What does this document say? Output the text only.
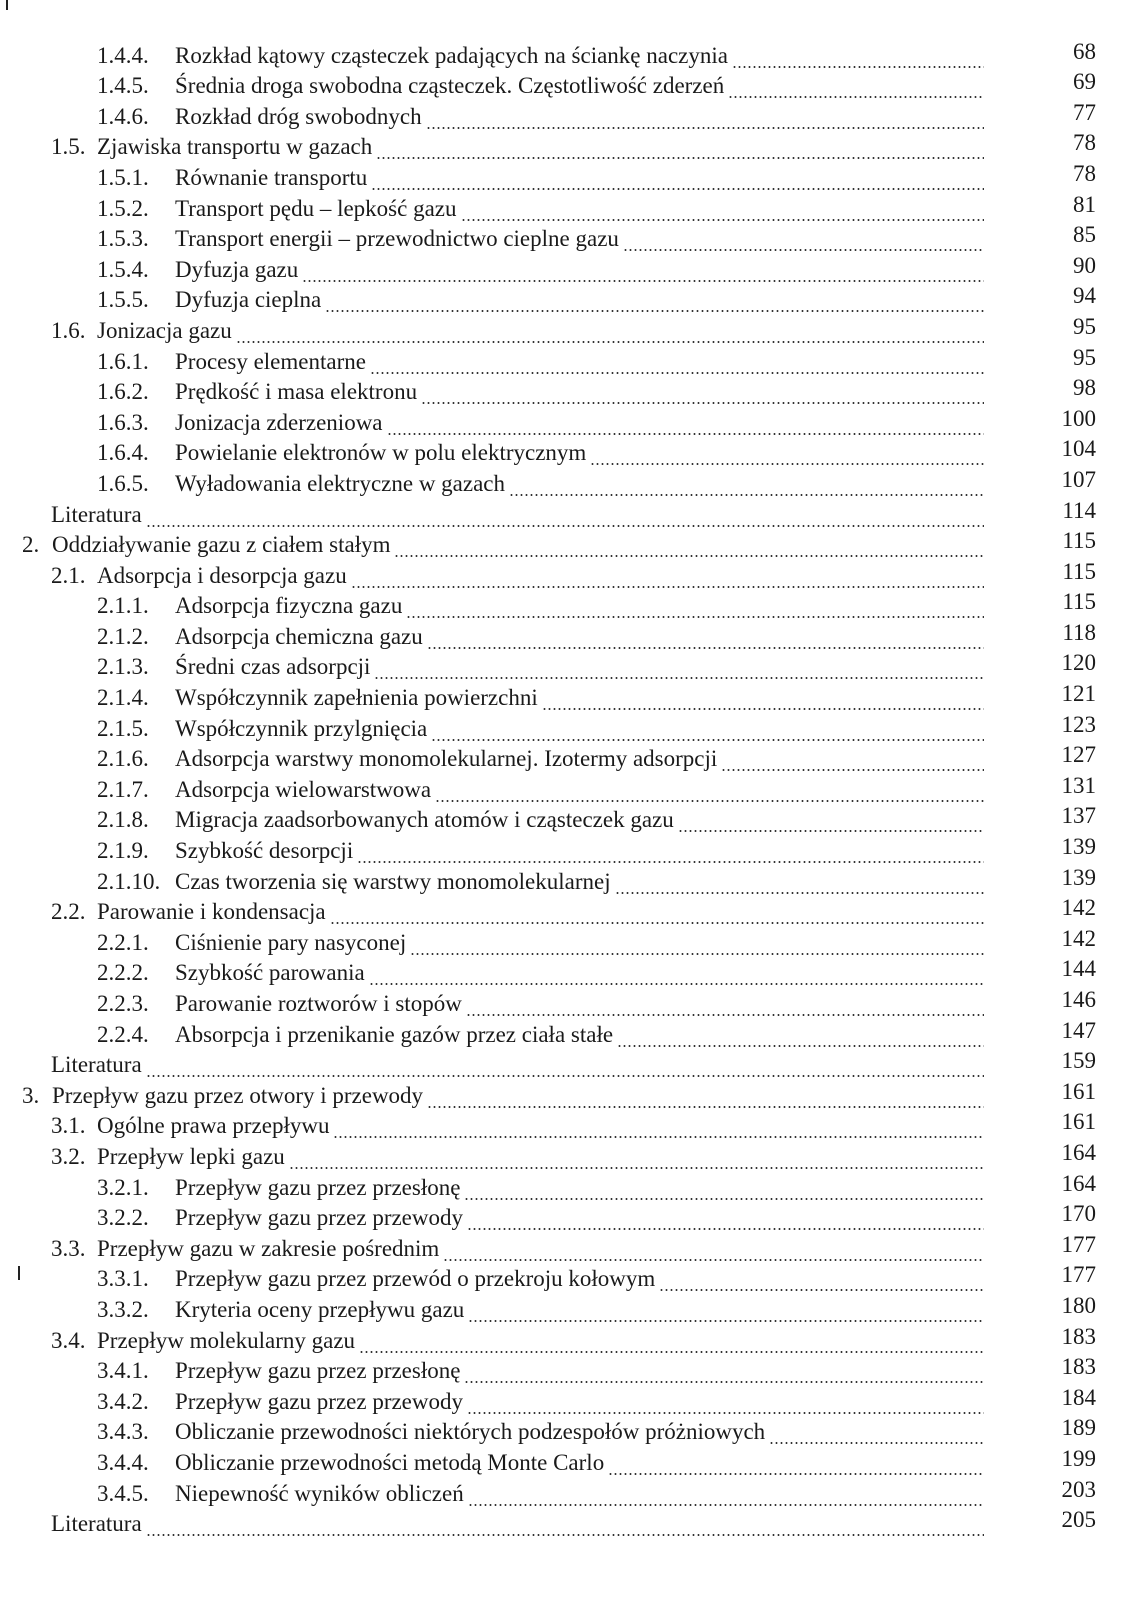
1.4.4.	Rozkład kątowy cząsteczek padających na ściankę naczynia	68
1.4.5.	Średnia droga swobodna cząsteczek. Częstotliwość zderzeń	69
1.4.6.	Rozkład dróg swobodnych	77
1.5. Zjawiska transportu w gazach	78
1.5.1.	Równanie transportu	78
1.5.2.	Transport pędu – lepkość gazu	81
1.5.3.	Transport energii – przewodnictwo cieplne gazu	85
1.5.4.	Dyfuzja gazu	90
1.5.5.	Dyfuzja cieplna	94
1.6. Jonizacja gazu	95
1.6.1.	Procesy elementarne	95
1.6.2.	Prędkość i masa elektronu	98
1.6.3.	Jonizacja zderzeniowa	100
1.6.4.	Powielanie elektronów w polu elektrycznym	104
1.6.5.	Wyładowania elektryczne w gazach	107
Literatura	114
2. Oddziaływanie gazu z ciałem stałym	115
2.1. Adsorpcja i desorpcja gazu	115
2.1.1.	Adsorpcja fizyczna gazu	115
2.1.2.	Adsorpcja chemiczna gazu	118
2.1.3.	Średni czas adsorpcji	120
2.1.4.	Współczynnik zapełnienia powierzchni	121
2.1.5.	Współczynnik przylgnięcia	123
2.1.6.	Adsorpcja warstwy monomolekularnej. Izotermy adsorpcji	127
2.1.7.	Adsorpcja wielowarstwowa	131
2.1.8.	Migracja zaadsorbowanych atomów i cząsteczek gazu	137
2.1.9.	Szybkość desorpcji	139
2.1.10. Czas tworzenia się warstwy monomolekularnej	139
2.2. Parowanie i kondensacja	142
2.2.1.	Ciśnienie pary nasyconej	142
2.2.2.	Szybkość parowania	144
2.2.3.	Parowanie roztworów i stopów	146
2.2.4.	Absorpcja i przenikanie gazów przez ciała stałe	147
Literatura	159
3. Przepływ gazu przez otwory i przewody	161
3.1. Ogólne prawa przepływu	161
3.2. Przepływ lepki gazu	164
3.2.1.	Przepływ gazu przez przesłonę	164
3.2.2.	Przepływ gazu przez przewody	170
3.3. Przepływ gazu w zakresie pośrednim	177
3.3.1.	Przepływ gazu przez przewód o przekroju kołowym	177
3.3.2.	Kryteria oceny przepływu gazu	180
3.4. Przepływ molekularny gazu	183
3.4.1.	Przepływ gazu przez przesłonę	183
3.4.2.	Przepływ gazu przez przewody	184
3.4.3.	Obliczanie przewodności niektórych podzespołów próżniowych	189
3.4.4.	Obliczanie przewodności metodą Monte Carlo	199
3.4.5.	Niepewność wyników obliczeń	203
Literatura	205
